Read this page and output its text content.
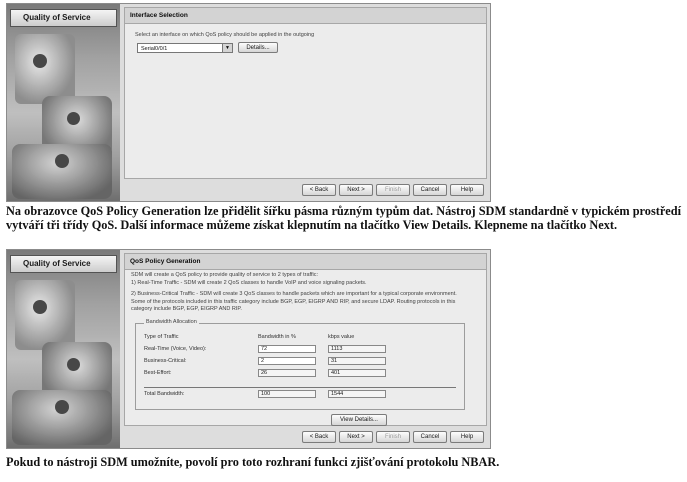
Quality of Service	Interface Selection
Select an interface on which QoS policy should be applied in the outgoing
Serial0/0/1	▼	Details...
< Back	Next >	Finish	Cancel	Help
Na obrazovce QoS Policy Generation lze přidělit šířku pásma různým typům dat. Nástroj SDM standardně v typickém prostředí vytváří tři třídy QoS. Další informace můžeme získat klepnutím na tlačítko View Details. Klepneme na tlačítko Next.
Quality of Service	QoS Policy Generation
SDM will create a QoS policy to provide quality of service to 2 types of traffic:
1) Real-Time Traffic - SDM will create 2 QoS classes to handle VoIP and voice signaling packets.
2) Business-Critical Traffic - SDM will create 3 QoS classes to handle packets which are important for a typical corporate environment. Some of the protocols included in this traffic category include BGP, EGP, EIGRP AND RIP, and secure LDAP. Routing protocols in this category include BGP, EGP, EIGRP AND RIP.
Bandwidth Allocation
Type of Traffic	Bandwidth in %	kbps value
Real-Time (Voice, Video):	72	1113
Business-Critical:	2	31
Best-Effort:	26	401
Total Bandwidth:	100	1544
View Details...
< Back	Next >	Finish	Cancel	Help
Pokud to nástroji SDM umožníte, povolí pro toto rozhraní funkci zjišťování protokolu NBAR.
